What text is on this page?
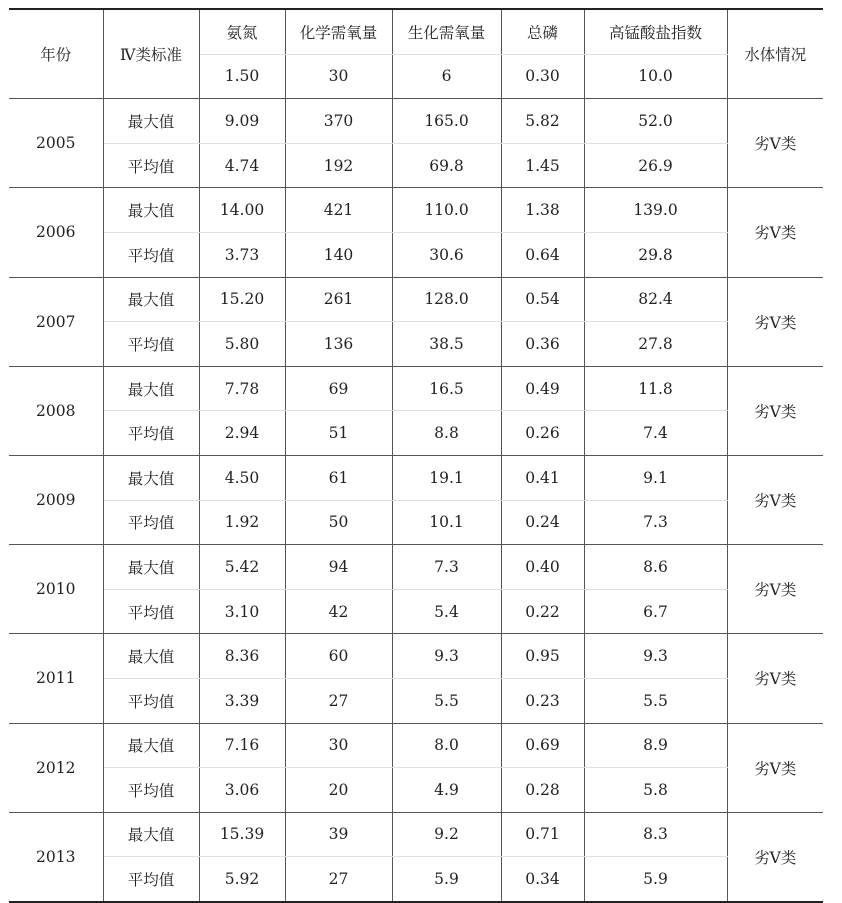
年份	Ⅳ类标准	氨氮	化学需氧量	生化需氧量	总磷	高锰酸盐指数	水体情况
		1.50	30	6	0.30	10.0	
2005	最大值	9.09	370	165.0	5.82	52.0	劣Ⅴ类
	平均值	4.74	192	69.8	1.45	26.9	
2006	最大值	14.00	421	110.0	1.38	139.0	劣Ⅴ类
	平均值	3.73	140	30.6	0.64	29.8	
2007	最大值	15.20	261	128.0	0.54	82.4	劣Ⅴ类
	平均值	5.80	136	38.5	0.36	27.8	
2008	最大值	7.78	69	16.5	0.49	11.8	劣Ⅴ类
	平均值	2.94	51	8.8	0.26	7.4	
2009	最大值	4.50	61	19.1	0.41	9.1	劣Ⅴ类
	平均值	1.92	50	10.1	0.24	7.3	
2010	最大值	5.42	94	7.3	0.40	8.6	劣Ⅴ类
	平均值	3.10	42	5.4	0.22	6.7	
2011	最大值	8.36	60	9.3	0.95	9.3	劣Ⅴ类
	平均值	3.39	27	5.5	0.23	5.5	
2012	最大值	7.16	30	8.0	0.69	8.9	劣Ⅴ类
	平均值	3.06	20	4.9	0.28	5.8	
2013	最大值	15.39	39	9.2	0.71	8.3	劣Ⅴ类
	平均值	5.92	27	5.9	0.34	5.9	
